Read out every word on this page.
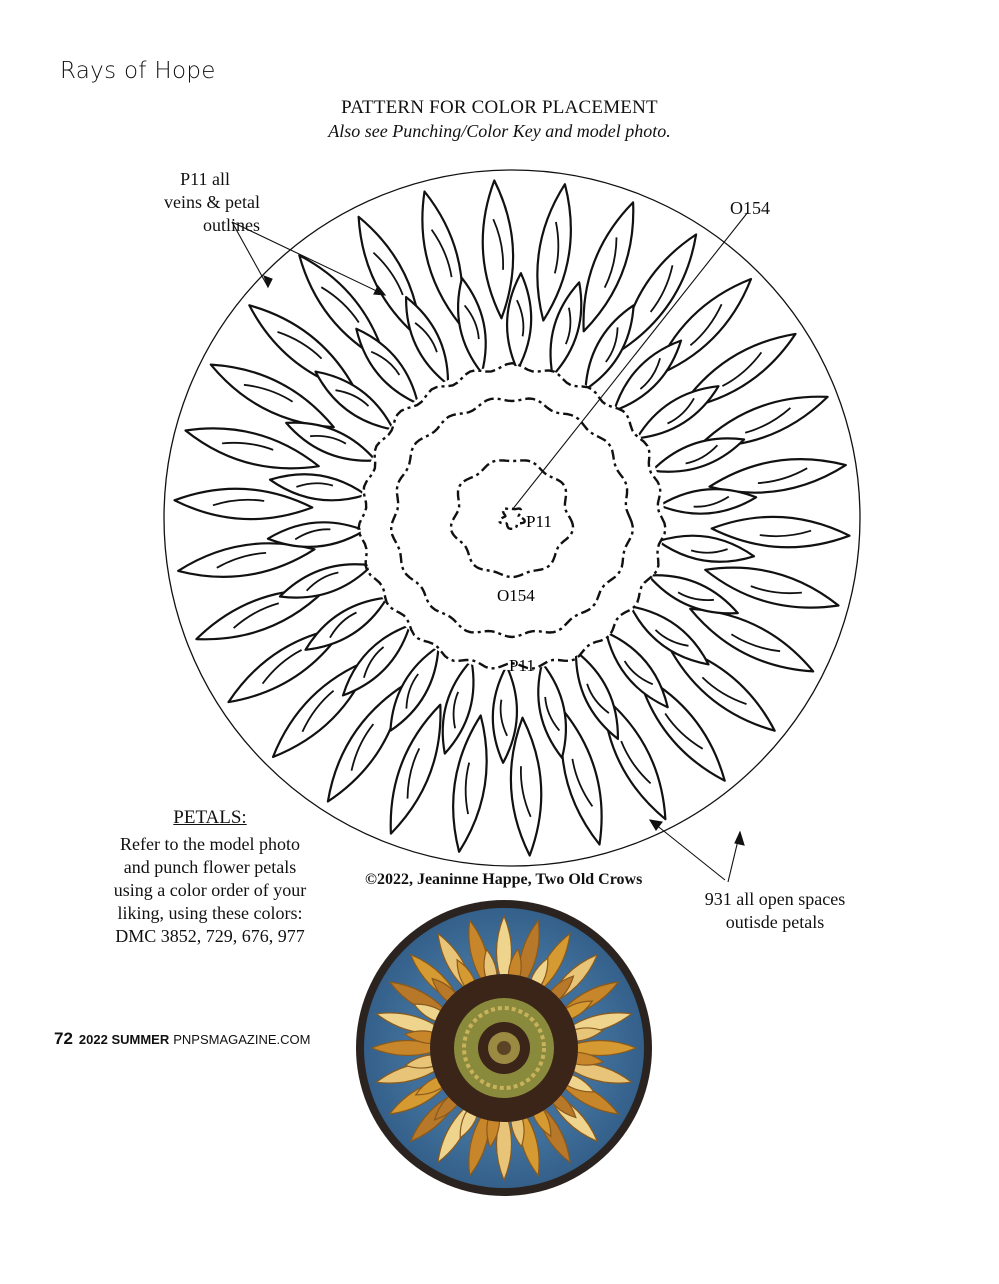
Rays of Hope
PATTERN FOR COLOR PLACEMENT
Also see Punching/Color Key and model photo.
P11
O154
P11
P11 all
veins & petal
outlines
O154
931 all open spaces
outisde petals
PETALS:
Refer to the model photo
and punch flower petals
using a color order of your
liking, using these colors:
DMC 3852, 729, 676, 977
©2022, Jeaninne Happe, Two Old Crows
72 2022 SUMMER PNPSMAGAZINE.COM
